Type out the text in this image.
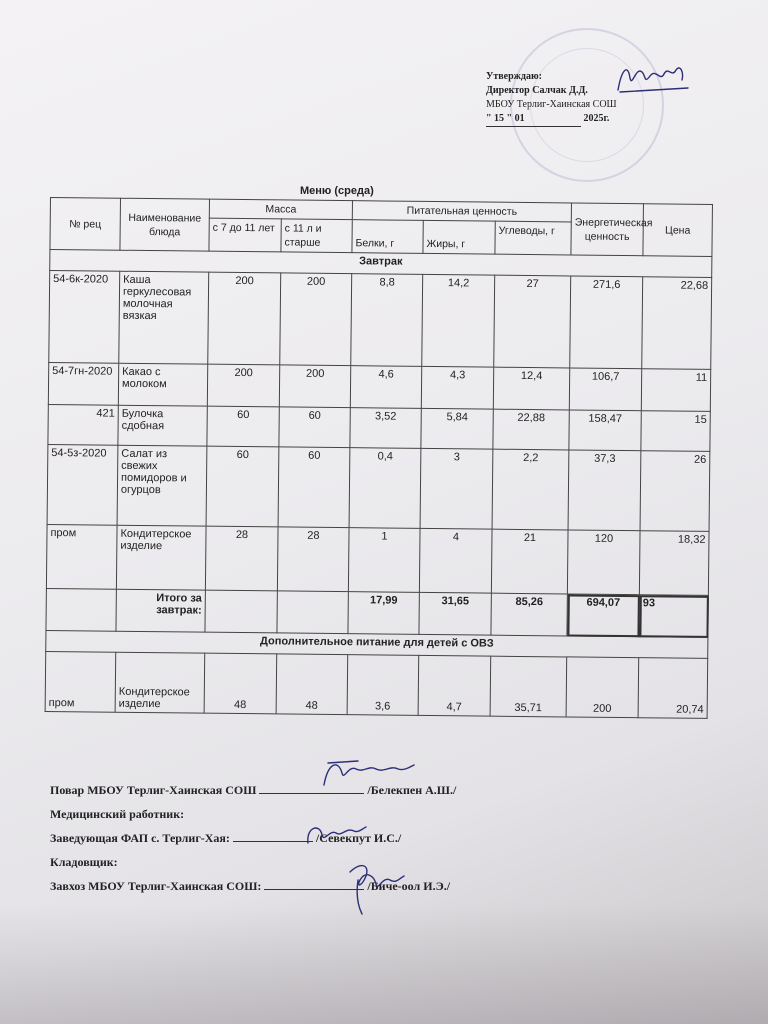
Утверждаю:
Директор Салчак Д.Д.
МБОУ Терлиг-Хаинская СОШ
" 15 " 01	2025г.
Меню (среда)
№ рец	Наименование блюда	Масса		Питательная ценность			Энергетическая ценность	Цена
		с 7 до 11 лет	с 11 л и старше	Белки, г	Жиры, г	Углеводы, г		
Завтрак								
54-6к-2020	Каша геркулесовая молочная вязкая	200	200	8,8	14,2	27	271,6	22,68
54-7гн-2020	Какао с молоком	200	200	4,6	4,3	12,4	106,7	11
421	Булочка сдобная	60	60	3,52	5,84	22,88	158,47	15
54-5з-2020	Салат из свежих помидоров и огурцов	60	60	0,4	3	2,2	37,3	26
пром	Кондитерское изделие	28	28	1	4	21	120	18,32
	Итого за завтрак:			17,99	31,65	85,26	694,07	93
Дополнительное питание для детей с ОВЗ								
пром	Кондитерское изделие	48	48	3,6	4,7	35,71	200	20,74
Повар МБОУ Терлиг-Хаинская СОШ	/Белекпен А.Ш./
Медицинский работник:
Заведующая ФАП с. Терлиг-Хая:	/Севекпут И.С./
Кладовщик:
Завхоз МБОУ Терлиг-Хаинская СОШ:	/Биче-оол И.Э./
